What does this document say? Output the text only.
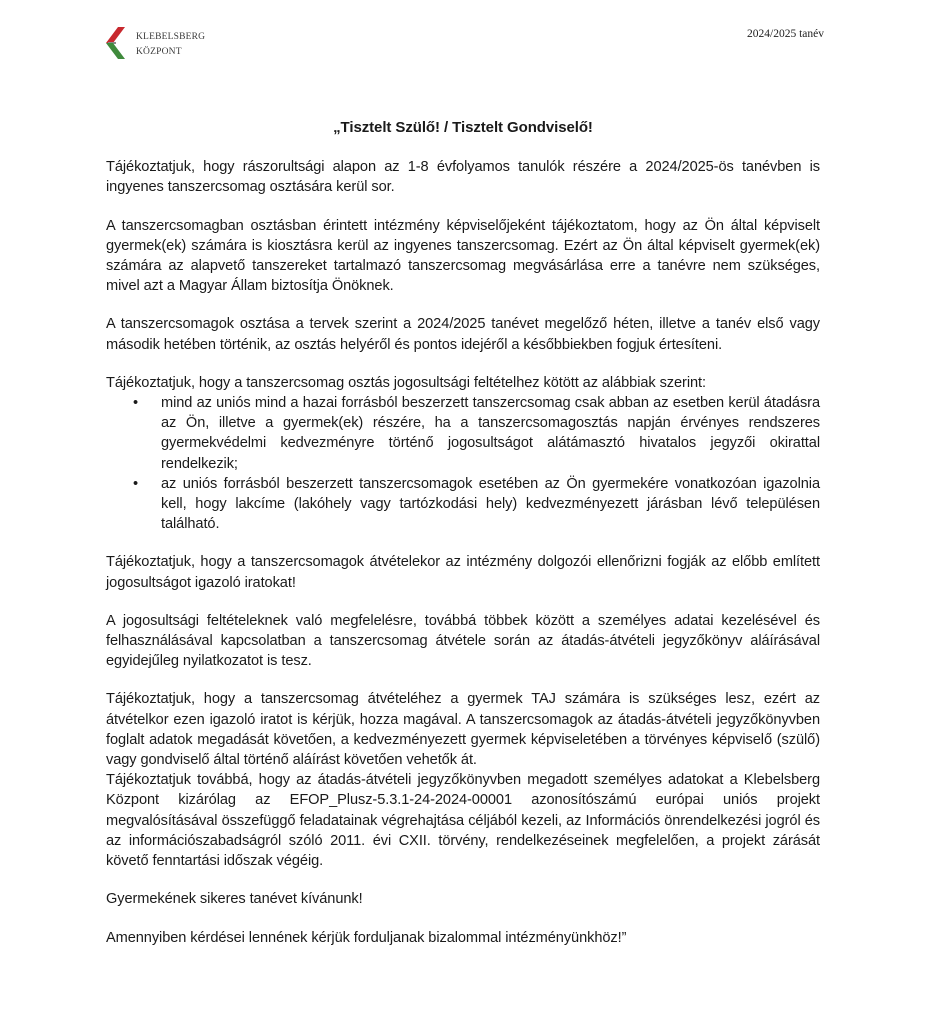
KLEBELSBERG
KÖZPONT
2024/2025 tanév
„Tisztelt Szülő! / Tisztelt Gondviselő!
Tájékoztatjuk, hogy rászorultsági alapon az 1-8 évfolyamos tanulók részére a 2024/2025-ös tanévben is ingyenes tanszercsomag osztására kerül sor.
A tanszercsomagban osztásban érintett intézmény képviselőjeként tájékoztatom, hogy az Ön által képviselt gyermek(ek) számára is kiosztásra kerül az ingyenes tanszercsomag. Ezért az Ön által képviselt gyermek(ek) számára az alapvető tanszereket tartalmazó tanszercsomag megvásárlása erre a tanévre nem szükséges, mivel azt a Magyar Állam biztosítja Önöknek.
A tanszercsomagok osztása a tervek szerint a 2024/2025 tanévet megelőző héten, illetve a tanév első vagy második hetében történik, az osztás helyéről és pontos idejéről a későbbiekben fogjuk értesíteni.
Tájékoztatjuk, hogy a tanszercsomag osztás jogosultsági feltételhez kötött az alábbiak szerint:
• mind az uniós mind a hazai forrásból beszerzett tanszercsomag csak abban az esetben kerül átadásra az Ön, illetve a gyermek(ek) részére, ha a tanszercsomagosztás napján érvényes rendszeres gyermekvédelmi kedvezményre történő jogosultságot alátámasztó hivatalos jegyzői okirattal rendelkezik;
• az uniós forrásból beszerzett tanszercsomagok esetében az Ön gyermekére vonatkozóan igazolnia kell, hogy lakcíme (lakóhely vagy tartózkodási hely) kedvezményezett járásban lévő településen található.
Tájékoztatjuk, hogy a tanszercsomagok átvételekor az intézmény dolgozói ellenőrizni fogják az előbb említett jogosultságot igazoló iratokat!
A jogosultsági feltételeknek való megfelelésre, továbbá többek között a személyes adatai kezelésével és felhasználásával kapcsolatban a tanszercsomag átvétele során az átadás-átvételi jegyzőkönyv aláírásával egyidejűleg nyilatkozatot is tesz.
Tájékoztatjuk, hogy a tanszercsomag átvételéhez a gyermek TAJ számára is szükséges lesz, ezért az átvételkor ezen igazoló iratot is kérjük, hozza magával. A tanszercsomagok az átadás-átvételi jegyzőkönyvben foglalt adatok megadását követően, a kedvezményezett gyermek képviseletében a törvényes képviselő (szülő) vagy gondviselő által történő aláírást követően vehetők át.
Tájékoztatjuk továbbá, hogy az átadás-átvételi jegyzőkönyvben megadott személyes adatokat a Klebelsberg Központ kizárólag az EFOP_Plusz-5.3.1-24-2024-00001 azonosítószámú európai uniós projekt megvalósításával összefüggő feladatainak végrehajtása céljából kezeli, az Információs önrendelkezési jogról és az információszabadságról szóló 2011. évi CXII. törvény, rendelkezéseinek megfelelően, a projekt zárását követő fenntartási időszak végéig.
Gyermekének sikeres tanévet kívánunk!
Amennyiben kérdései lennének kérjük forduljanak bizalommal intézményünkhöz!”
